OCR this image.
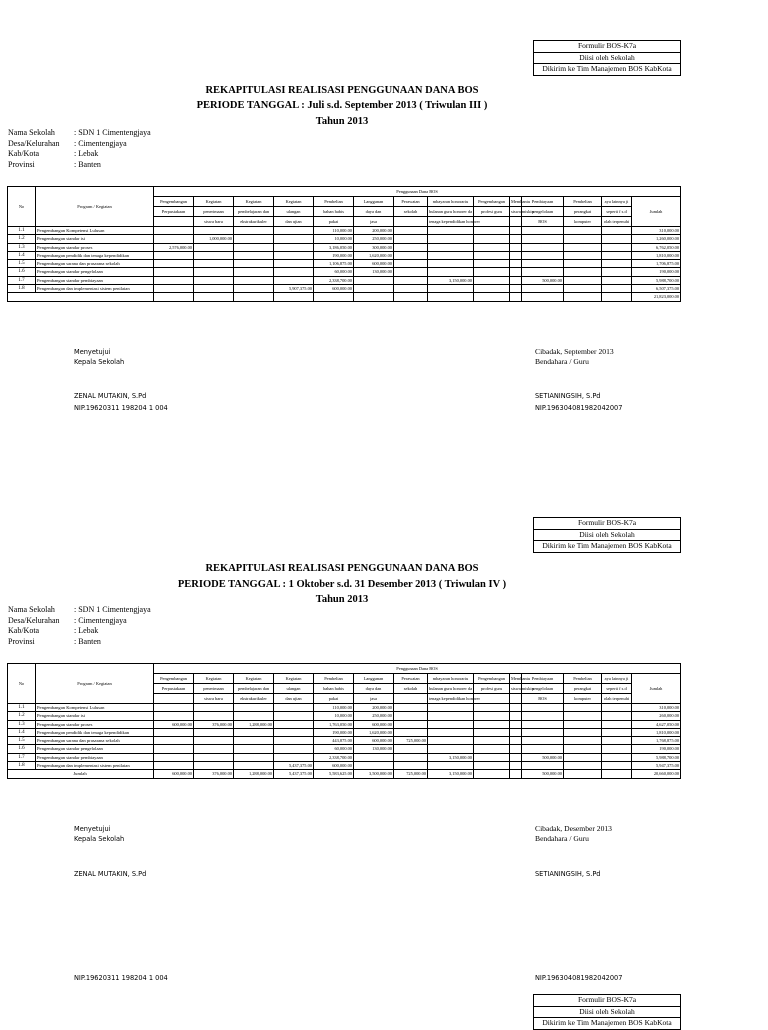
Formulir BOS-K7a
Diisi oleh Sekolah
Dikirim ke Tim Manajemen BOS KabKota
REKAPITULASI REALISASI PENGGUNAAN DANA BOS
PERIODE TANGGAL : Juli s.d. September 2013 ( Triwulan III )
Tahun 2013
Nama Sekolah	: SDN 1 Cimentengjaya
Desa/Kelurahan	: Cimentengjaya
Kab/Kota	: Lebak
Provinsi	: Banten
No	Program / Kegiatan	Penggunaan Dana BOS													
		Pengembangan	Kegiatan	Kegiatan	Kegiatan	Pembelian	Langganan	Perawatan	mbayaran honorariu	Pengembangan	Membantu	Pembiayaan	Pembelian	aya lainnya ji	Jumlah
		Perpustakaan	penerimaan	pembelajaran dan	ulangan	bahan habis	daya dan	sekolah	bulanan guru honorer da	profesi guru	siswa miskin	pengelolaan	perangkat	seperti f s.d	
			siswa baru	ekstrakurikuler	dan ujian	pakai	jasa		tenaga kependidikan honorer			BOS	komputer	olah terpenuhi	
1.1	Pengembangan Kompetensi Lulusan					110,000.00	200,000.00								310,000.00
1.2	Pengembangan standar isi		1,000,000.00			10,000.00	250,000.00								1,260,000.00
1.3	Pengembangan standar proses	2,576,000.00				3,186,050.00	300,000.00								6,762,050.00
1.4	Pengembangan pendidik dan tenaga kependidikan					190,000.00	1,620,000.00								1,810,000.00
1.5	Pengembangan sarana dan prasarana sekolah					1,106,875.00	600,000.00								1,706,875.00
1.6	Pengembangan standar pengelolaan					60,000.00	130,000.00								190,000.00
1.7	Pengembangan standar pembiayaan					2,338,700.00			3,150,000.00			500,000.00			5,988,700.00
1.8	Pengembangan dan implementasi sistem penilaian				5,907,375.00	600,000.00									6,507,375.00
															21,823,000.00
Menyetujui
Kepala Sekolah
Cibadak, September 2013
Bendahara / Guru
ZENAL MUTAKIN, S.Pd
NIP.19620311 198204 1 004
SETIANINGSIH, S.Pd
NIP.196304081982042007
Formulir BOS-K7a
Diisi oleh Sekolah
Dikirim ke Tim Manajemen BOS KabKota
REKAPITULASI REALISASI PENGGUNAAN DANA BOS
PERIODE TANGGAL : 1 Oktober s.d. 31 Desember 2013 ( Triwulan IV )
Tahun 2013
Nama Sekolah	: SDN 1 Cimentengjaya
Desa/Kelurahan	: Cimentengjaya
Kab/Kota	: Lebak
Provinsi	: Banten
No	Program / Kegiatan	Penggunaan Dana BOS													
		Pengembangan	Kegiatan	Kegiatan	Kegiatan	Pembelian	Langganan	Perawatan	mbayaran honorariu	Pengembangan	Membantu	Pembiayaan	Pembelian	aya lainnya ji	Jumlah
		Perpustakaan	penerimaan	pembelajaran dan	ulangan	bahan habis	daya dan	sekolah	bulanan guru honorer da	profesi guru	siswa miskin	pengelolaan	perangkat	seperti f s.d	
			siswa baru	ekstrakurikuler	dan ujian	pakai	jasa		tenaga kependidikan honorer			BOS	komputer	olah terpenuhi	
1.1	Pengembangan Kompetensi Lulusan					110,000.00	200,000.00								310,000.00
1.2	Pengembangan standar isi					10,000.00	250,000.00								260,000.00
1.3	Pengembangan standar proses	600,000.00	376,000.00	1,288,000.00		1,763,050.00	600,000.00								4,627,050.00
1.4	Pengembangan pendidik dan tenaga kependidikan					190,000.00	1,620,000.00								1,810,000.00
1.5	Pengembangan sarana dan prasarana sekolah					443,875.00	600,000.00	725,000.00							1,768,875.00
1.6	Pengembangan standar pengelolaan					60,000.00	130,000.00								190,000.00
1.7	Pengembangan standar pembiayaan					2,338,700.00			3,150,000.00			500,000.00			5,988,700.00
1.8	Pengembangan dan implementasi sistem penilaian				5,437,375.00	600,000.00									5,947,375.00
Jumlah		600,000.00	376,000.00	1,288,000.00	5,437,375.00	5,583,625.00	3,500,000.00	725,000.00	3,150,000.00			500,000.00			20,660,000.00
Menyetujui
Kepala Sekolah
Cibadak, Desember 2013
Bendahara / Guru
ZENAL MUTAKIN, S.Pd	SETIANINGSIH, S.Pd
NIP.19620311 198204 1 004	NIP.196304081982042007
Formulir BOS-K7a
Diisi oleh Sekolah
Dikirim ke Tim Manajemen BOS KabKota
